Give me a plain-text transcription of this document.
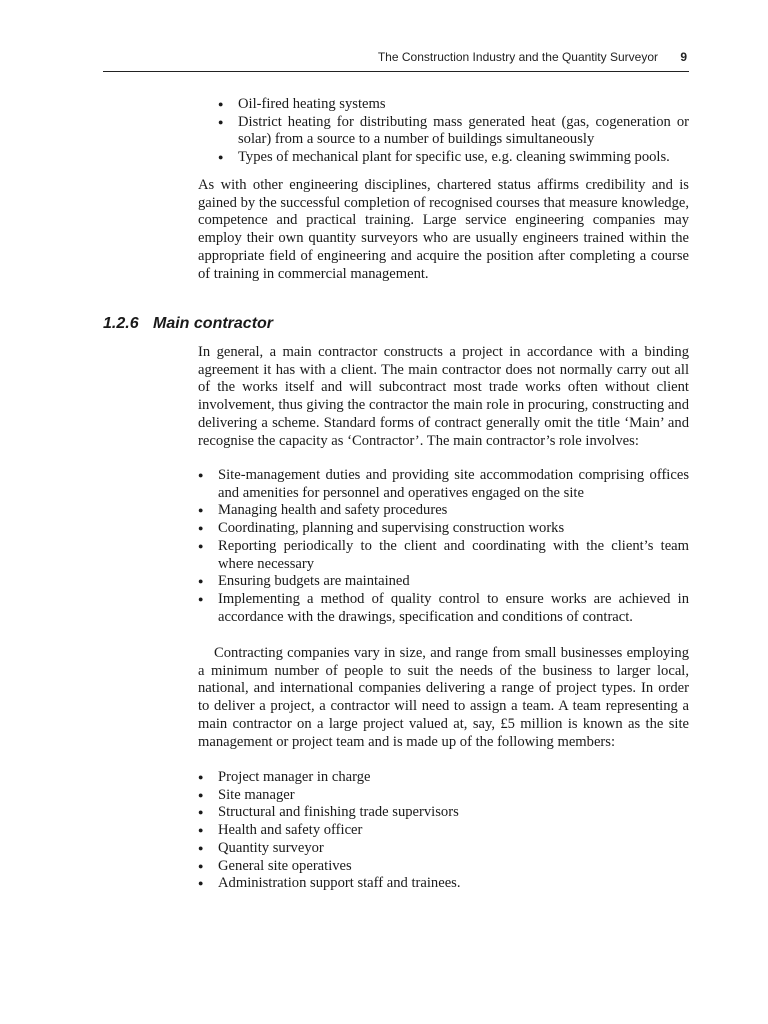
The Construction Industry and the Quantity Surveyor 9
● Oil-fired heating systems
● District heating for distributing mass generated heat (gas, cogeneration or solar) from a source to a number of buildings simultaneously
● Types of mechanical plant for specific use, e.g. cleaning swimming pools.

As with other engineering disciplines, chartered status affirms credibility and is gained by the successful completion of recognised courses that measure knowledge, competence and practical training. Large service engineering companies may employ their own quantity surveyors who are usually engineers trained within the appropriate field of engineering and acquire the position after completing a course of training in commercial management.

1.2.6 Main contractor

In general, a main contractor constructs a project in accordance with a binding agreement it has with a client. The main contractor does not normally carry out all of the works itself and will subcontract most trade works often without client involvement, thus giving the contractor the main role in procuring, constructing and delivering a scheme. Standard forms of contract generally omit the title ‘Main’ and recognise the capacity as ‘Contractor’. The main contractor’s role involves:

● Site-management duties and providing site accommodation comprising offices and amenities for personnel and operatives engaged on the site
● Managing health and safety procedures
● Coordinating, planning and supervising construction works
● Reporting periodically to the client and coordinating with the client’s team where necessary
● Ensuring budgets are maintained
● Implementing a method of quality control to ensure works are achieved in accordance with the drawings, specification and conditions of contract.

Contracting companies vary in size, and range from small businesses employing a minimum number of people to suit the needs of the business to larger local, national, and international companies delivering a range of project types. In order to deliver a project, a contractor will need to assign a team. A team representing a main contractor on a large project valued at, say, £5 million is known as the site management or project team and is made up of the following members:

● Project manager in charge
● Site manager
● Structural and finishing trade supervisors
● Health and safety officer
● Quantity surveyor
● General site operatives
● Administration support staff and trainees.
